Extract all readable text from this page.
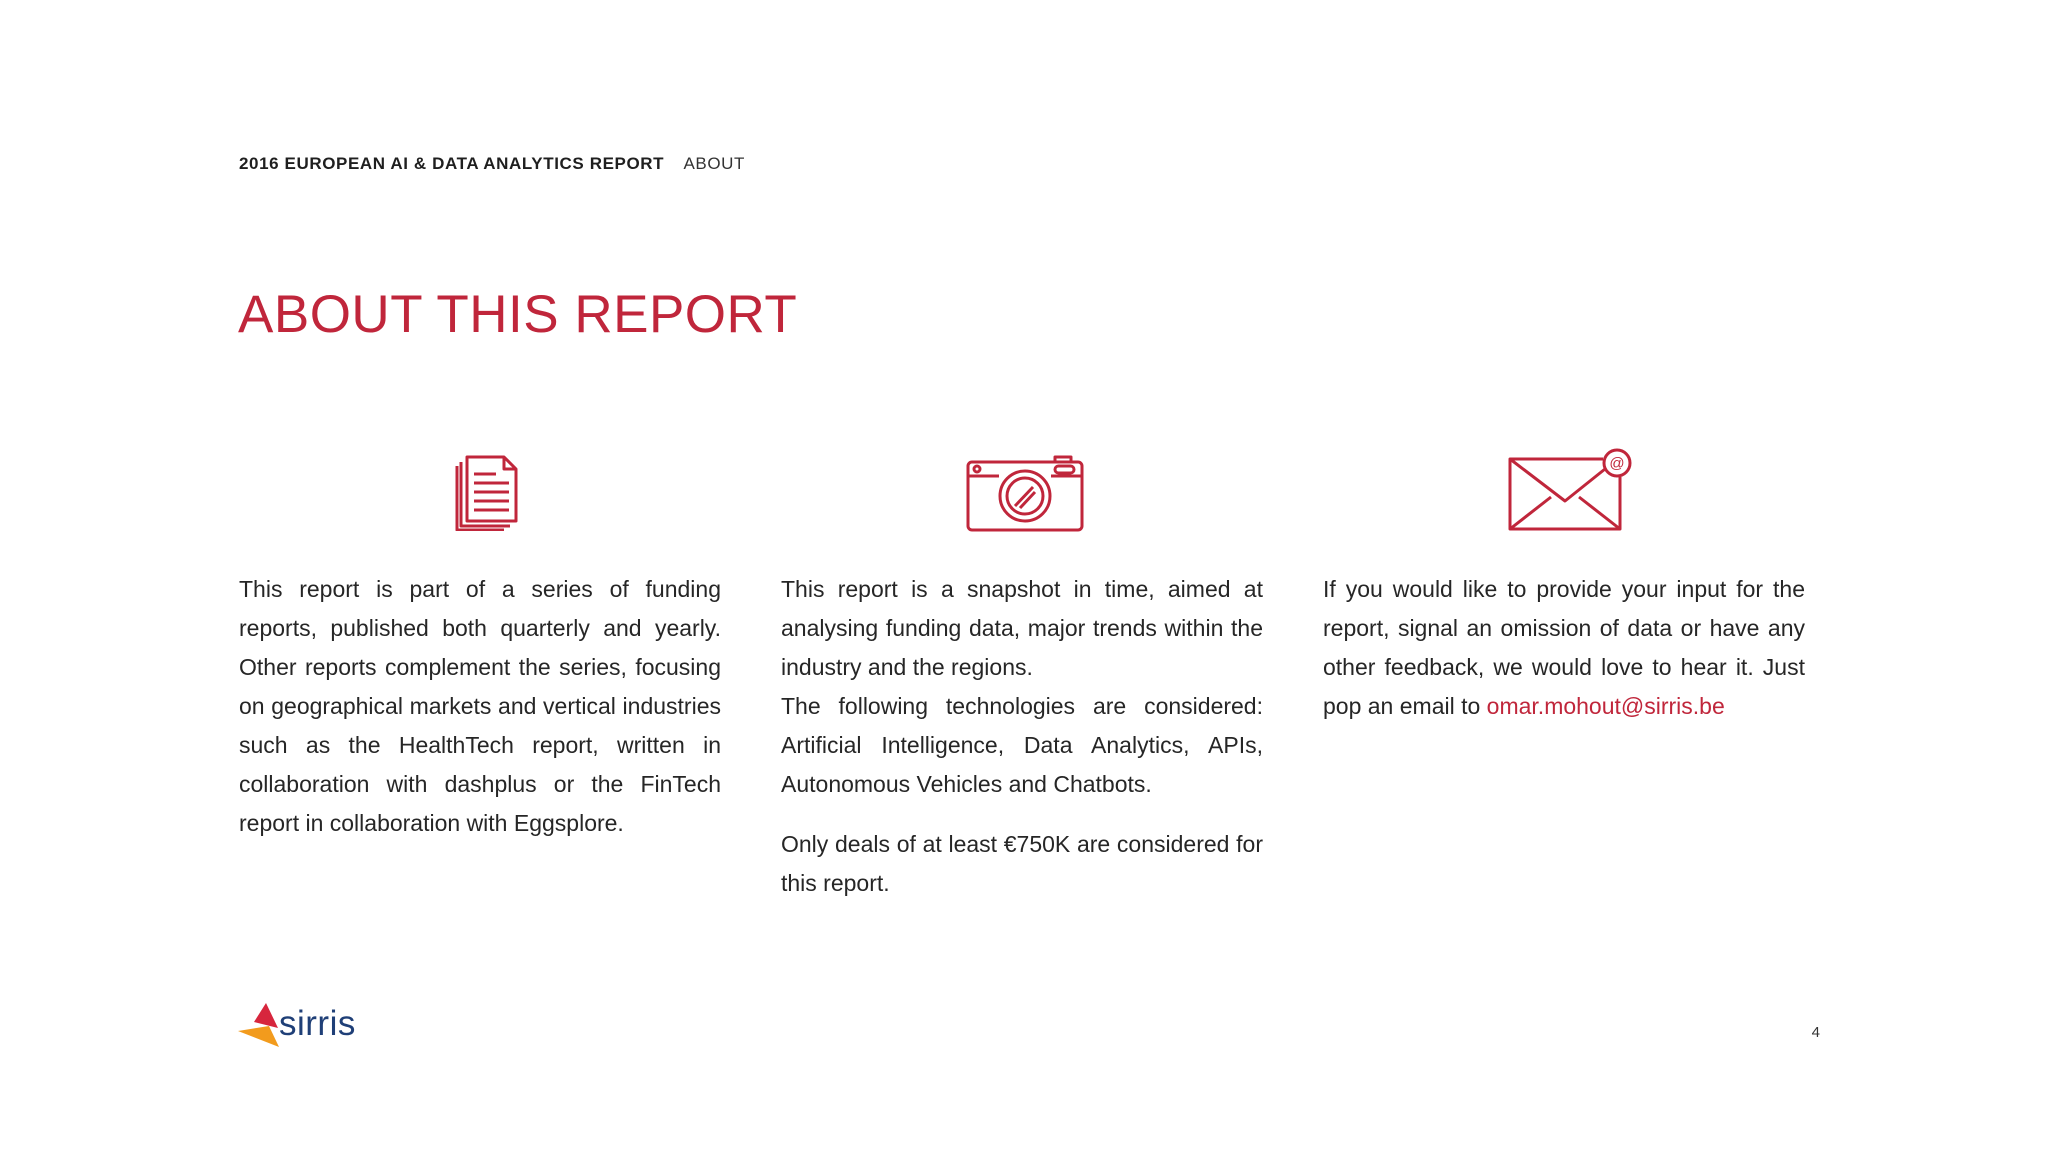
2016 EUROPEAN AI & DATA ANALYTICS REPORT ABOUT
ABOUT THIS REPORT
@

This report is part of a series of funding reports, published both quarterly and yearly. Other reports complement the series, focusing on geographical markets and vertical industries such as the HealthTech report, written in collaboration with dashplus or the FinTech report in collaboration with Eggsplore.

This report is a snapshot in time, aimed at analysing funding data, major trends within the industry and the regions.

The following technologies are considered: Artificial Intelligence, Data Analytics, APIs, Autonomous Vehicles and Chatbots.

Only deals of at least €750K are considered for this report.

If you would like to provide your input for the report, signal an omission of data or have any other feedback, we would love to hear it. Just pop an email to omar.mohout@sirris.be

sirris	4
